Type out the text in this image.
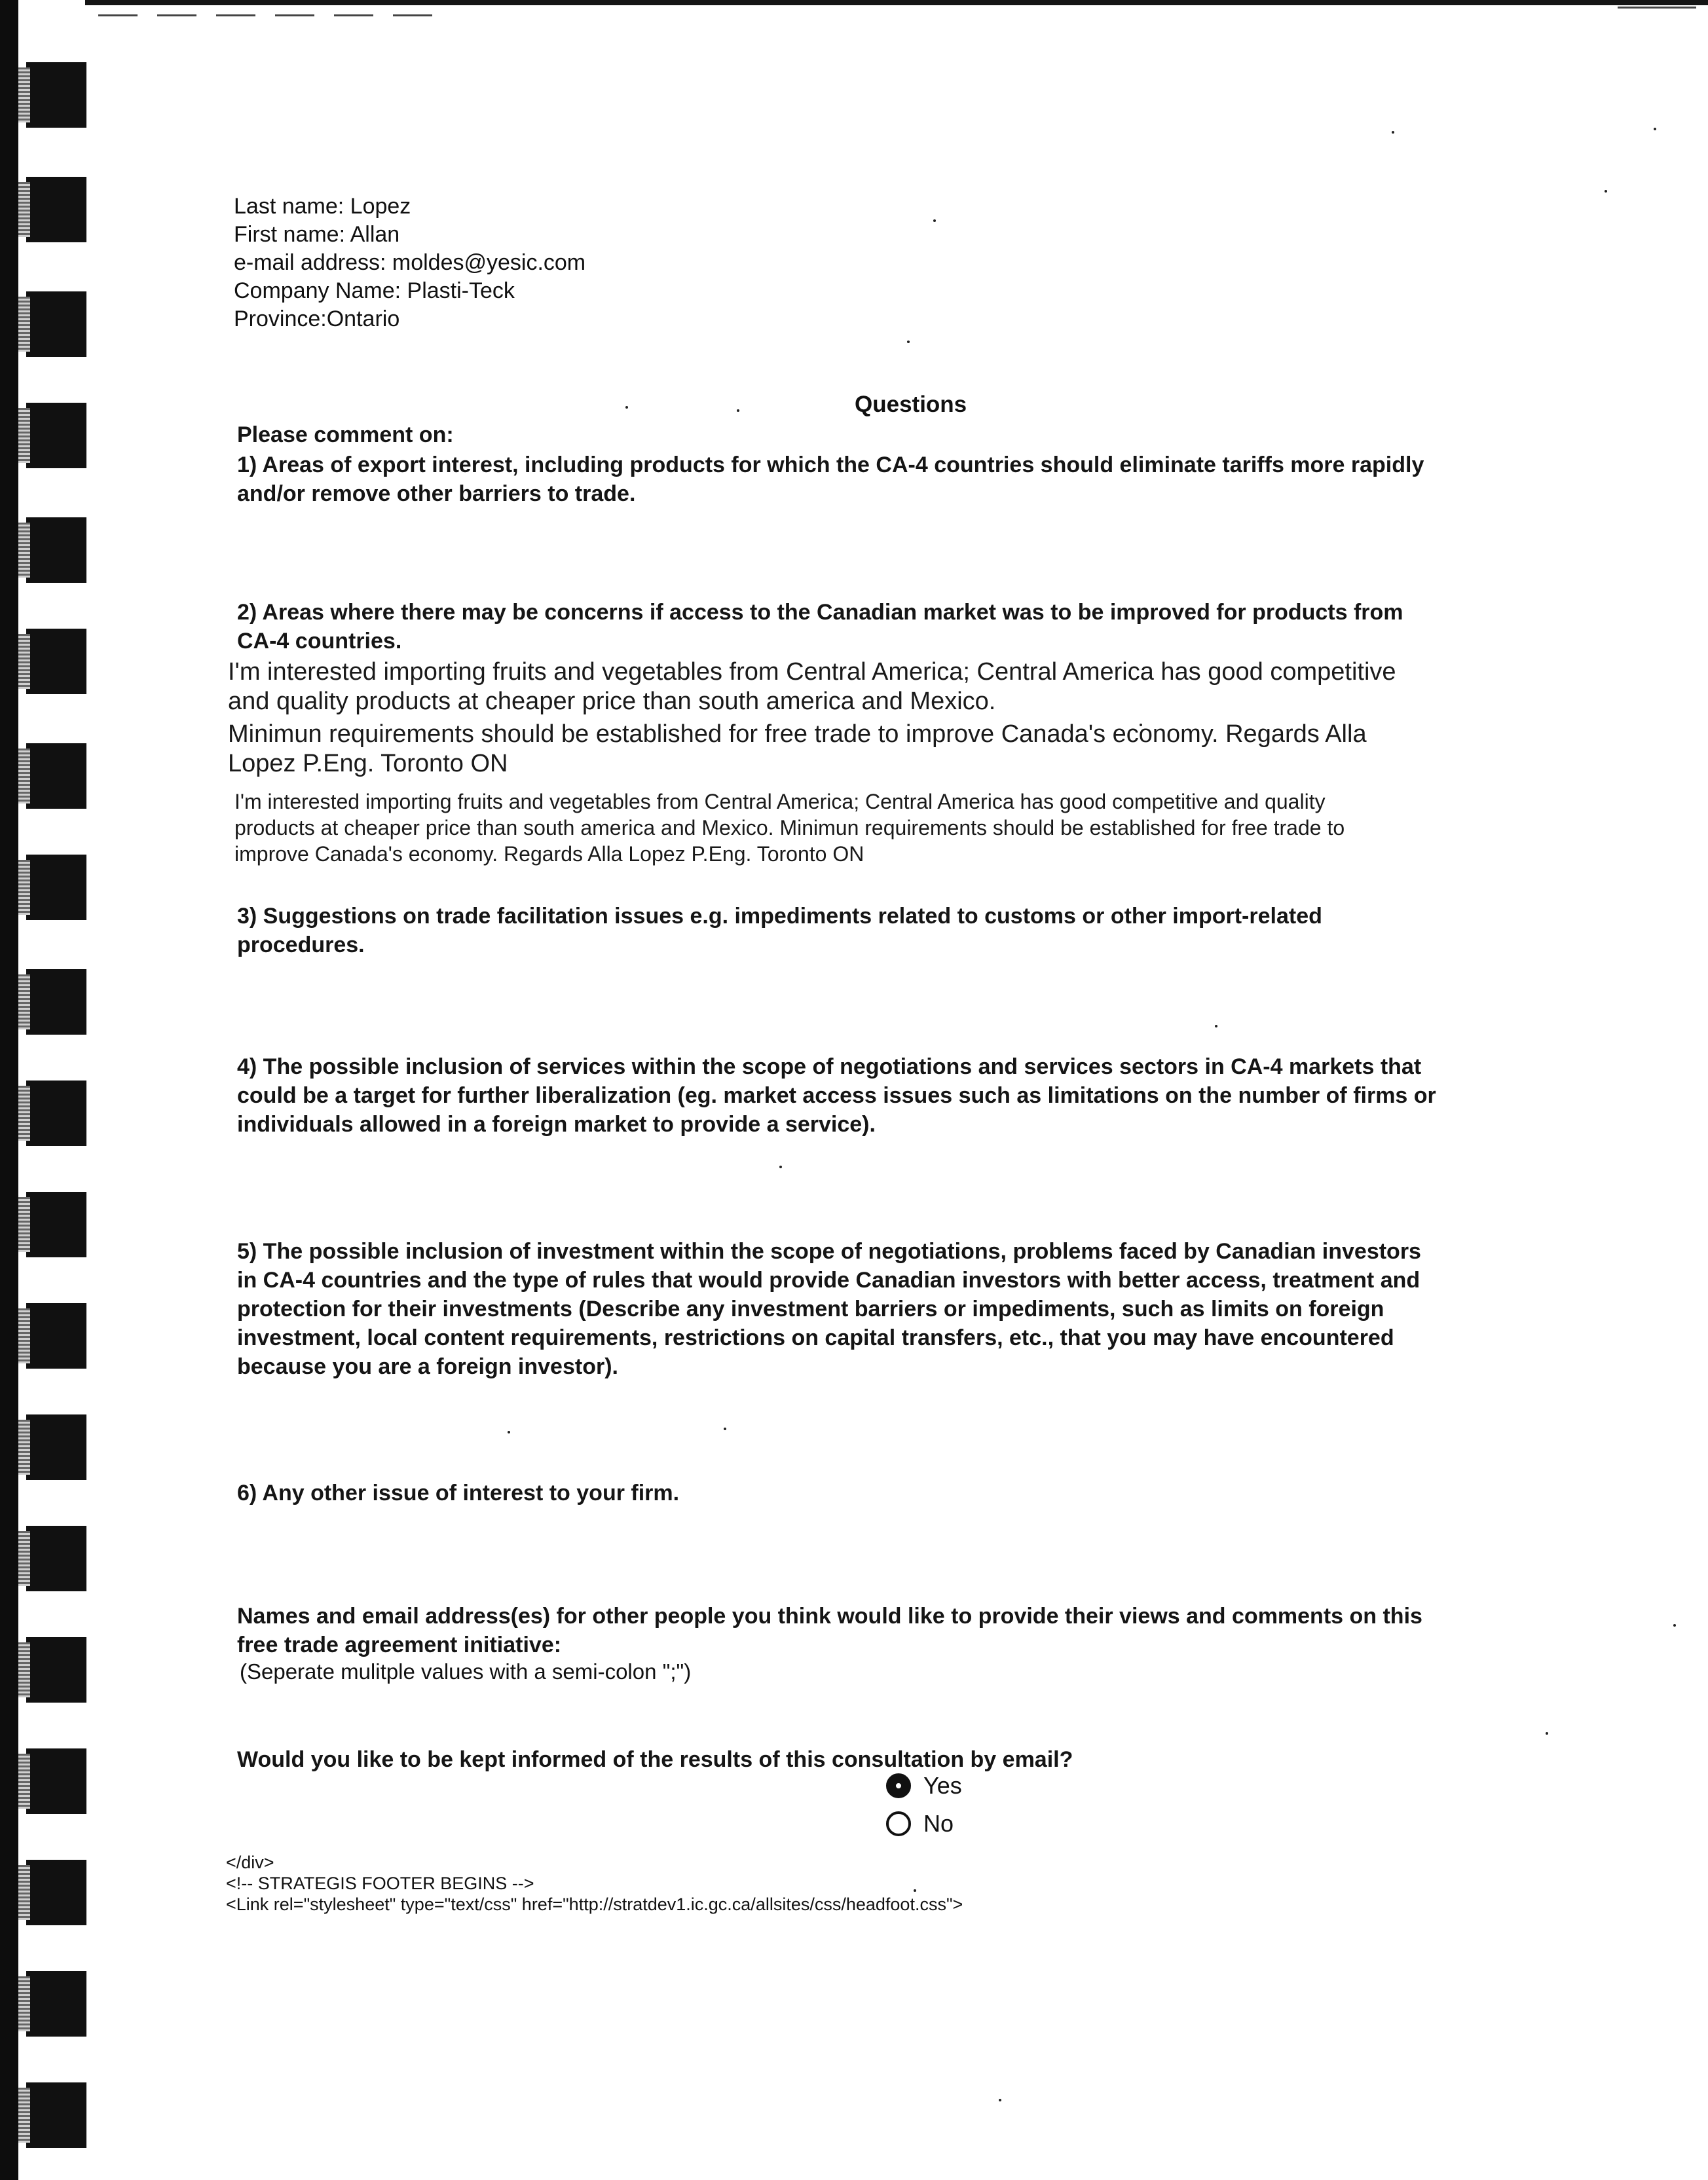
Last name: Lopez
First name: Allan
e-mail address: moldes@yesic.com
Company Name: Plasti-Teck
Province:Ontario
Questions
Please comment on:
1) Areas of export interest, including products for which the CA-4 countries should eliminate tariffs more rapidly
and/or remove other barriers to trade.
2) Areas where there may be concerns if access to the Canadian market was to be improved for products from
CA-4 countries.
I'm interested importing fruits and vegetables from Central America; Central America has good competitive
and quality products at cheaper price than south america and Mexico.
Minimun requirements should be established for free trade to improve Canada's economy. Regards Alla
Lopez P.Eng. Toronto ON
I'm interested importing fruits and vegetables from Central America; Central America has good competitive and quality
products at cheaper price than south america and Mexico. Minimun requirements should be established for free trade to
improve Canada's economy. Regards Alla Lopez P.Eng. Toronto ON
3) Suggestions on trade facilitation issues e.g. impediments related to customs or other import-related
procedures.
4) The possible inclusion of services within the scope of negotiations and services sectors in CA-4 markets that
could be a target for further liberalization (eg. market access issues such as limitations on the number of firms or
individuals allowed in a foreign market to provide a service).
5) The possible inclusion of investment within the scope of negotiations, problems faced by Canadian investors
in CA-4 countries and the type of rules that would provide Canadian investors with better access, treatment and
protection for their investments (Describe any investment barriers or impediments, such as limits on foreign
investment, local content requirements, restrictions on capital transfers, etc., that you may have encountered
because you are a foreign investor).
6) Any other issue of interest to your firm.
Names and email address(es) for other people you think would like to provide their views and comments on this
free trade agreement initiative:
(Seperate mulitple values with a semi-colon ";")
Would you like to be kept informed of the results of this consultation by email?
Yes
No
</div>
<!-- STRATEGIS FOOTER BEGINS -->
<Link rel="stylesheet" type="text/css" href="http://stratdev1.ic.gc.ca/allsites/css/headfoot.css">
